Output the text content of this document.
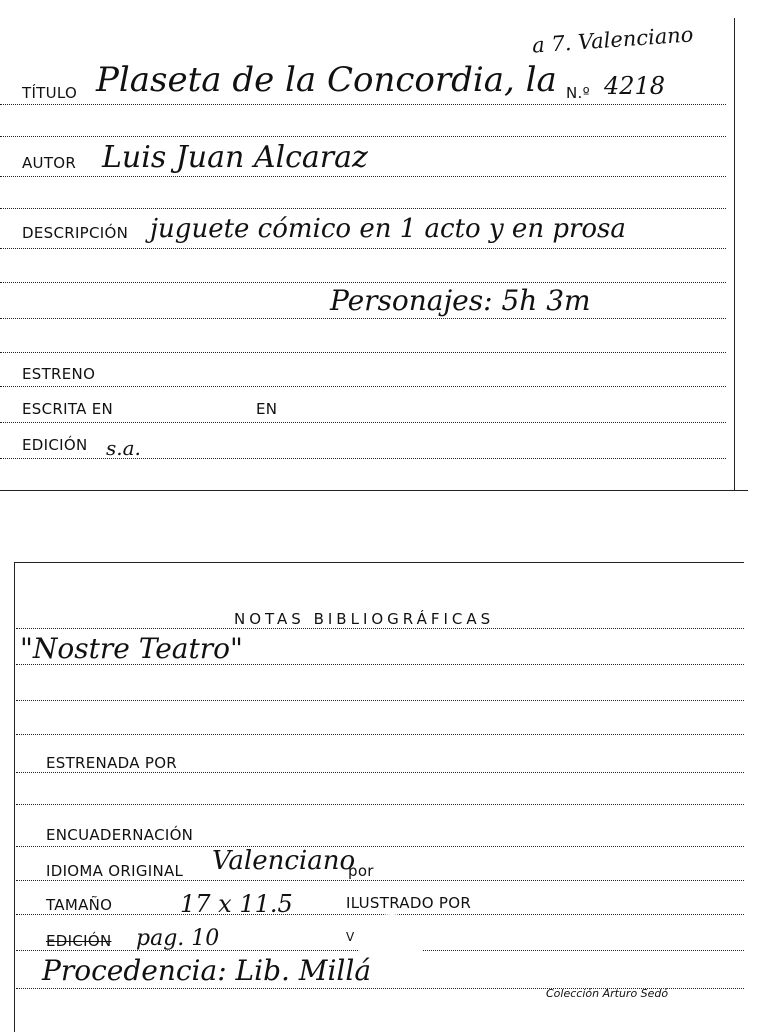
a 7. Valenciano
TÍTULO Plaseta de la Concordia, la N.º 4218
AUTOR Luis Juan Alcaraz
DESCRIPCIÓN juguete cómico en 1 acto y en prosa
Personajes: 5h 3m
ESTRENO
ESCRITA EN	EN
EDICIÓN s.a.
NOTAS BIBLIOGRÁFICAS
"Nostre Teatro"
ESTRENADA POR
ENCUADERNACIÓN
IDIOMA ORIGINAL Valenciano
por
TAMAÑO	17 x 11.5	ILUSTRADO POR
EDICIÓN pag. 10	V
Procedencia: Lib. Millá
Colección Arturo Sedó
